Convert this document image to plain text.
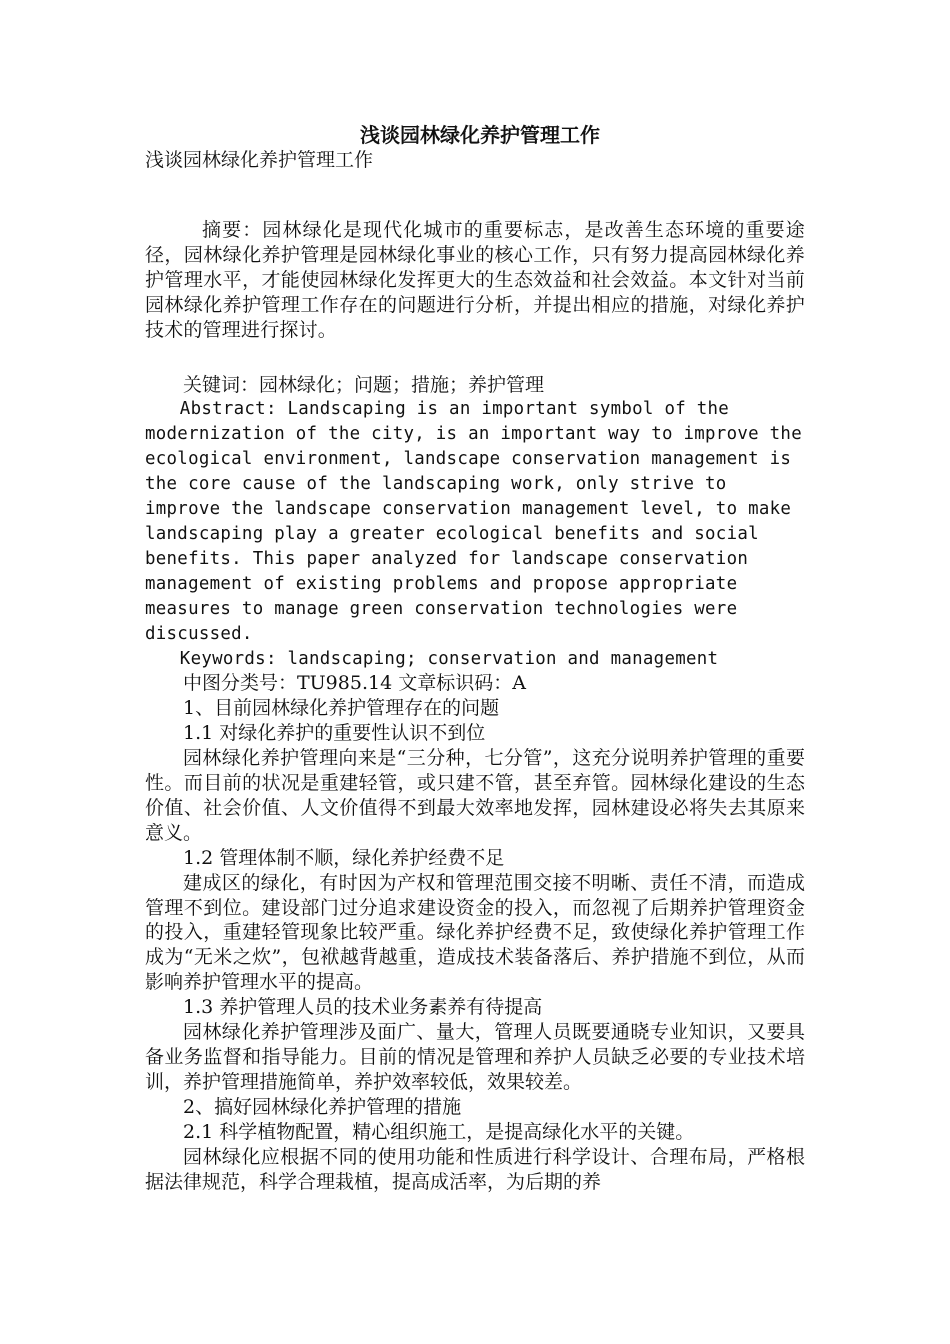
浅谈园林绿化养护管理工作

浅谈园林绿化养护管理工作

摘要：园林绿化是现代化城市的重要标志，是改善生态环境的重要途径，园林绿化养护管理是园林绿化事业的核心工作，只有努力提高园林绿化养护管理水平，才能使园林绿化发挥更大的生态效益和社会效益。本文针对当前园林绿化养护管理工作存在的问题进行分析，并提出相应的措施，对绿化养护技术的管理进行探讨。

关键词：园林绿化；问题；措施；养护管理

Abstract: Landscaping is an important symbol of the modernization of the city, is an important way to improve the ecological environment, landscape conservation management is the core cause of the landscaping work, only strive to improve the landscape conservation management level, to make landscaping play a greater ecological benefits and social benefits. This paper analyzed for landscape conservation management of existing problems and propose appropriate measures to manage green conservation technologies were discussed.

Keywords: landscaping; conservation and management

中图分类号：TU985.14 文章标识码：A

1、目前园林绿化养护管理存在的问题

1.1 对绿化养护的重要性认识不到位

园林绿化养护管理向来是“三分种，七分管”，这充分说明养护管理的重要性。而目前的状况是重建轻管，或只建不管，甚至弃管。园林绿化建设的生态价值、社会价值、人文价值得不到最大效率地发挥，园林建设必将失去其原来意义。

1.2 管理体制不顺，绿化养护经费不足

建成区的绿化，有时因为产权和管理范围交接不明晰、责任不清，而造成管理不到位。建设部门过分追求建设资金的投入，而忽视了后期养护管理资金的投入，重建轻管现象比较严重。绿化养护经费不足，致使绿化养护管理工作成为“无米之炊”，包袱越背越重，造成技术装备落后、养护措施不到位，从而影响养护管理水平的提高。

1.3 养护管理人员的技术业务素养有待提高

园林绿化养护管理涉及面广、量大，管理人员既要通晓专业知识，又要具备业务监督和指导能力。目前的情况是管理和养护人员缺乏必要的专业技术培训，养护管理措施简单，养护效率较低，效果较差。

2、搞好园林绿化养护管理的措施

2.1 科学植物配置，精心组织施工，是提高绿化水平的关键。

园林绿化应根据不同的使用功能和性质进行科学设计、合理布局，严格根据法律规范，科学合理栽植，提高成活率，为后期的养
